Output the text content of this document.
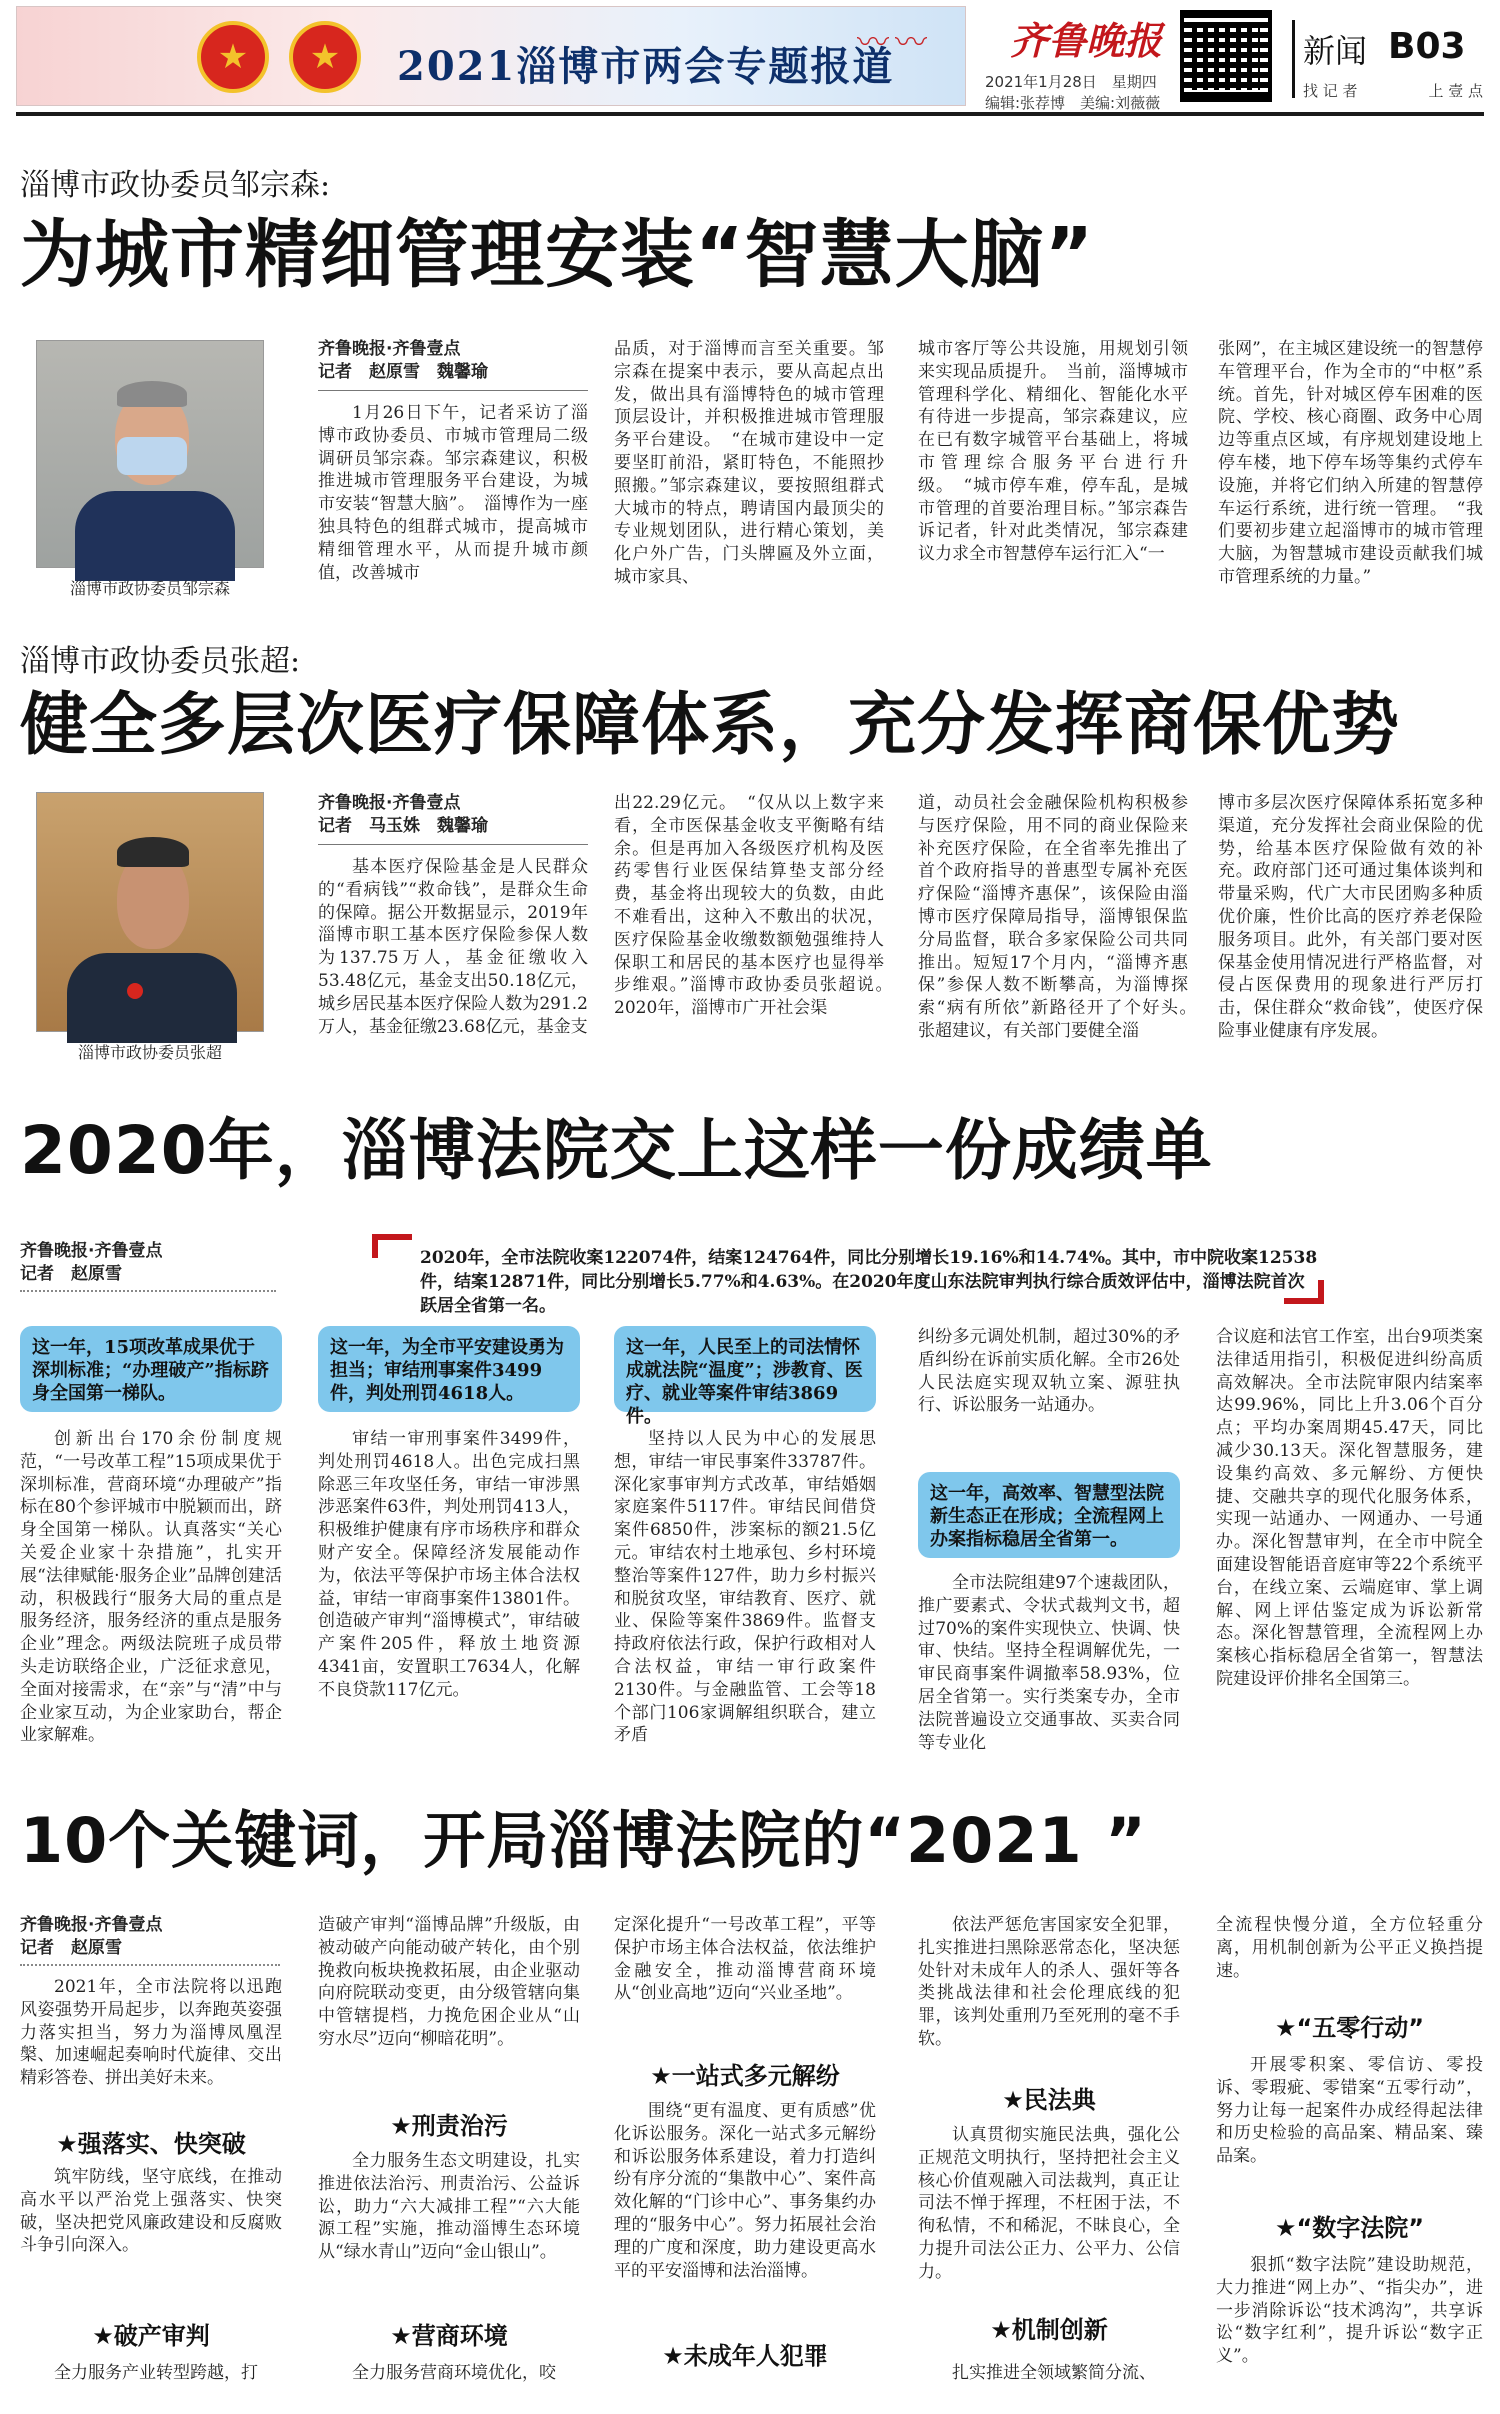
★	★	2021淄博市两会专题报道
〰〰 齐鲁晚报
2021年1月28日　星期四
编辑:张荐博　美编:刘薇薇
新闻 B03
找 记 者	上 壹 点
淄博市政协委员邹宗森:
为城市精细管理安装“智慧大脑”
淄博市政协委员邹宗森
齐鲁晚报·齐鲁壹点
记者　赵原雪　魏馨瑜

1月26日下午，记者采访了淄博市政协委员、市城市管理局二级调研员邹宗森。邹宗森建议，积极推进城市管理服务平台建设，为城市安装“智慧大脑”。　淄博作为一座独具特色的组群式城市，提高城市精细管理水平，从而提升城市颜值，改善城市

品质，对于淄博而言至关重要。邹宗森在提案中表示，要从高起点出发，做出具有淄博特色的城市管理顶层设计，并积极推进城市管理服务平台建设。　“在城市建设中一定要坚盯前沿，紧盯特色，不能照抄照搬。”邹宗森建议，要按照组群式大城市的特点，聘请国内最顶尖的专业规划团队，进行精心策划，美化户外广告，门头牌匾及外立面，城市家具、

城市客厅等公共设施，用规划引领来实现品质提升。　当前，淄博城市管理科学化、精细化、智能化水平有待进一步提高，邹宗森建议，应在已有数字城管平台基础上，将城市管理综合服务平台进行升级。　“城市停车难，停车乱，是城市管理的首要治理目标。”邹宗森告诉记者，针对此类情况，邹宗森建议力求全市智慧停车运行汇入“一

张网”，在主城区建设统一的智慧停车管理平台，作为全市的“中枢”系统。首先，针对城区停车困难的医院、学校、核心商圈、政务中心周边等重点区域，有序规划建设地上停车楼，地下停车场等集约式停车设施，并将它们纳入所建的智慧停车运行系统，进行统一管理。　“我们要初步建立起淄博市的城市管理大脑，为智慧城市建设贡献我们城市管理系统的力量。”

淄博市政协委员张超:
健全多层次医疗保障体系，充分发挥商保优势
淄博市政协委员张超
齐鲁晚报·齐鲁壹点
记者　马玉姝　魏馨瑜

基本医疗保险基金是人民群众的“看病钱”“救命钱”，是群众生命的保障。据公开数据显示，2019年淄博市职工基本医疗保险参保人数为137.75万人，基金征缴收入53.48亿元，基金支出50.18亿元，城乡居民基本医疗保险人数为291.2万人，基金征缴23.68亿元，基金支

出22.29亿元。　“仅从以上数字来看，全市医保基金收支平衡略有结余。但是再加入各级医疗机构及医药零售行业医保结算垫支部分经费，基金将出现较大的负数，由此不难看出，这种入不敷出的状况，医疗保险基金收缴数额勉强维持人保职工和居民的基本医疗也显得举步维艰。”淄博市政协委员张超说。　2020年，淄博市广开社会渠

道，动员社会金融保险机构积极参与医疗保险，用不同的商业保险来补充医疗保险，在全省率先推出了首个政府指导的普惠型专属补充医疗保险“淄博齐惠保”，该保险由淄博市医疗保障局指导，淄博银保监分局监督，联合多家保险公司共同推出。短短17个月内，“淄博齐惠保”参保人数不断攀高，为淄博探索“病有所依”新路径开了个好头。　张超建议，有关部门要健全淄

博市多层次医疗保障体系拓宽多种渠道，充分发挥社会商业保险的优势，给基本医疗保险做有效的补充。政府部门还可通过集体谈判和带量采购，代广大市民团购多种质优价廉，性价比高的医疗养老保险服务项目。此外，有关部门要对医保基金使用情况进行严格监督，对侵占医保费用的现象进行严厉打击，保住群众“救命钱”，使医疗保险事业健康有序发展。

2020年，淄博法院交上这样一份成绩单
齐鲁晚报·齐鲁壹点
记者　赵原雪
2020年，全市法院收案122074件，结案124764件，同比分别增长19.16%和14.74%。其中，市中院收案12538件，结案12871件，同比分别增长5.77%和4.63%。在2020年度山东法院审判执行综合质效评估中，淄博法院首次跃居全省第一名。
这一年，15项改革成果优于深圳标准；“办理破产”指标跻身全国第一梯队。
这一年，为全市平安建设勇为担当；审结刑事案件3499件，判处刑罚4618人。
这一年，人民至上的司法情怀成就法院“温度”；涉教育、医疗、就业等案件审结3869件。

创新出台170余份制度规范，“一号改革工程”15项成果优于深圳标准，营商环境“办理破产”指标在80个参评城市中脱颖而出，跻身全国第一梯队。认真落实“关心关爱企业家十杂措施”，扎实开展“法律赋能·服务企业”品牌创建活动，积极践行“服务大局的重点是服务经济，服务经济的重点是服务企业”理念。两级法院班子成员带头走访联络企业，广泛征求意见，全面对接需求，在“亲”与“清”中与企业家互动，为企业家助台，帮企业家解难。

审结一审刑事案件3499件，判处刑罚4618人。出色完成扫黑除恶三年攻坚任务，审结一审涉黑涉恶案件63件，判处刑罚413人，积极维护健康有序市场秩序和群众财产安全。保障经济发展能动作为，依法平等保护市场主体合法权益，审结一审商事案件13801件。创造破产审判“淄博模式”，审结破产案件205件，释放土地资源4341亩，安置职工7634人，化解不良贷款117亿元。

坚持以人民为中心的发展思想，审结一审民事案件33787件。深化家事审判方式改革，审结婚姻家庭案件5117件。审结民间借贷案件6850件，涉案标的额21.5亿元。审结农村土地承包、乡村环境整治等案件127件，助力乡村振兴和脱贫攻坚，审结教育、医疗、就业、保险等案件3869件。监督支持政府依法行政，保护行政相对人合法权益，审结一审行政案件2130件。与金融监管、工会等18个部门106家调解组织联合，建立矛盾

纠纷多元调处机制，超过30%的矛盾纠纷在诉前实质化解。全市26处人民法庭实现双轨立案、源驻执行、诉讼服务一站通办。

这一年，高效率、智慧型法院新生态正在形成；全流程网上办案指标稳居全省第一。

全市法院组建97个速裁团队，推广要素式、令状式裁判文书，超过70%的案件实现快立、快调、快审、快结。坚持全程调解优先，一审民商事案件调撤率58.93%，位居全省第一。实行类案专办，全市法院普遍设立交通事故、买卖合同等专业化

合议庭和法官工作室，出台9项类案法律适用指引，积极促进纠纷高质高效解决。全市法院审限内结案率达99.96%，同比上升3.06个百分点；平均办案周期45.47天，同比减少30.13天。深化智慧服务，建设集约高效、多元解纷、方便快捷、交融共享的现代化服务体系，实现一站通办、一网通办、一号通办。深化智慧审判，在全市中院全面建设智能语音庭审等22个系统平台，在线立案、云端庭审、掌上调解、网上评估鉴定成为诉讼新常态。深化智慧管理，全流程网上办案核心指标稳居全省第一，智慧法院建设评价排名全国第三。

10个关键词，开局淄博法院的“2021 ”
齐鲁晚报·齐鲁壹点
记者　赵原雪

2021年，全市法院将以迅跑风姿强势开局起步，以奔跑英姿强力落实担当，努力为淄博凤凰涅槃、加速崛起奏响时代旋律、交出精彩答卷、拼出美好未来。

★强落实、快突破

筑牢防线，坚守底线，在推动高水平以严治党上强落实、快突破，坚决把党风廉政建设和反腐败斗争引向深入。

★破产审判

全力服务产业转型跨越，打

造破产审判“淄博品牌”升级版，由被动破产向能动破产转化，由个别挽救向板块挽救拓展，由企业驱动向府院联动变更，由分级管辖向集中管辖提档，力挽危困企业从“山穷水尽”迈向“柳暗花明”。

★刑责治污

全力服务生态文明建设，扎实推进依法治污、刑责治污、公益诉讼，助力“六大减排工程”“六大能源工程”实施，推动淄博生态环境从“绿水青山”迈向“金山银山”。

★营商环境

全力服务营商环境优化，咬

定深化提升“一号改革工程”，平等保护市场主体合法权益，依法维护金融安全，推动淄博营商环境从“创业高地”迈向“兴业圣地”。

★一站式多元解纷

围绕“更有温度、更有质感”优化诉讼服务。深化一站式多元解纷和诉讼服务体系建设，着力打造纠纷有序分流的“集散中心”、案件高效化解的“门诊中心”、事务集约办理的“服务中心”。努力拓展社会治理的广度和深度，助力建设更高水平的平安淄博和法治淄博。

★未成年人犯罪

依法严惩危害国家安全犯罪，扎实推进扫黑除恶常态化，坚决惩处针对未成年人的杀人、强奸等各类挑战法律和社会伦理底线的犯罪，该判处重刑乃至死刑的毫不手软。

★民法典

认真贯彻实施民法典，强化公正规范文明执行，坚持把社会主义核心价值观融入司法裁判，真正让司法不惮于挥理，不枉困于法，不徇私情，不和稀泥，不昧良心，全力提升司法公正力、公平力、公信力。

★机制创新

扎实推进全领域繁简分流、

全流程快慢分道，全方位轻重分离，用机制创新为公平正义换挡提速。

★“五零行动”

开展零积案、零信访、零投诉、零瑕疵、零错案“五零行动”，努力让每一起案件办成经得起法律和历史检验的高品案、精品案、臻品案。

★“数字法院”

狠抓“数字法院”建设助规范，大力推进“网上办”、“指尖办”，进一步消除诉讼“技术鸿沟”，共享诉讼“数字红利”，提升诉讼“数字正义”。
